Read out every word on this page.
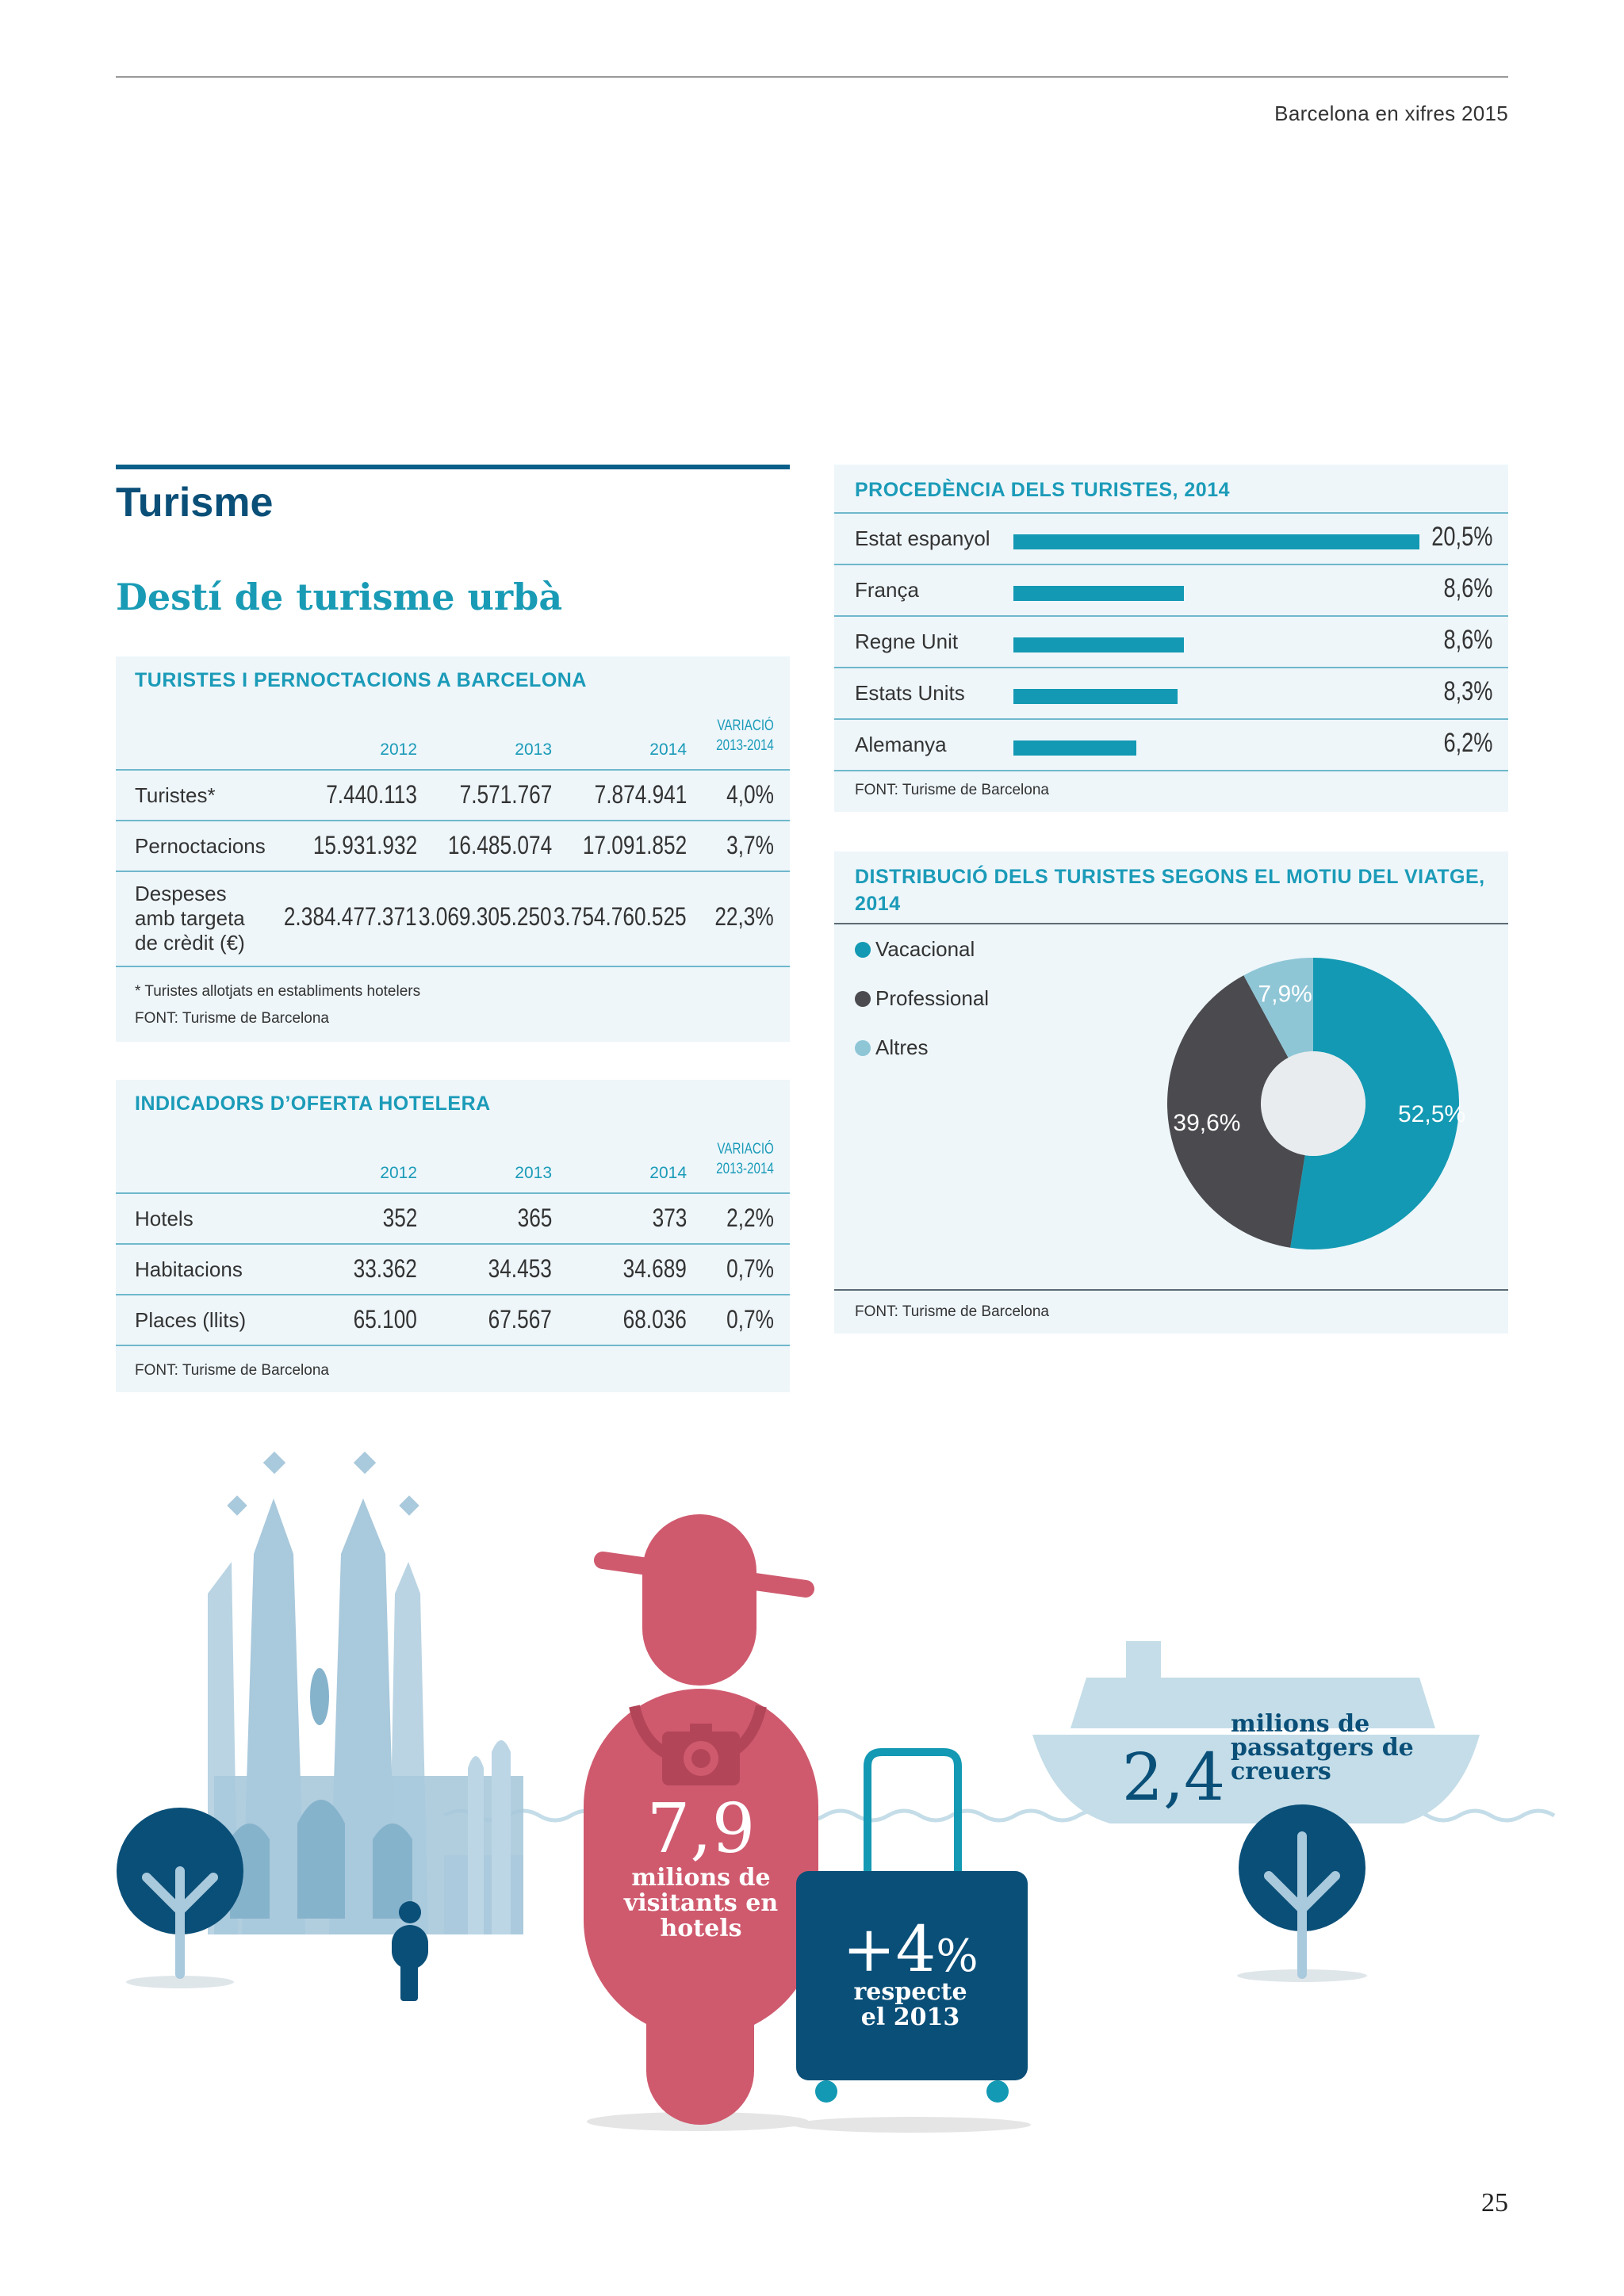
Barcelona en xifres 2015
Turisme
Destí de turisme urbà
TURISTES I PERNOCTACIONS A BARCELONA
2012	2013	2014
VARIACIÓ
2013-2014
Turistes*	7.440.113 7.571.767 7.874.941 4,0%
Pernoctacions 15.931.932 16.485.074 17.091.852 3,7%
Despeses
amb targeta
de crèdit (€)
2.384.477.371 3.069.305.250 3.754.760.525 22,3%
* Turistes allotjats en establiments hotelers
FONT: Turisme de Barcelona
INDICADORS D’OFERTA HOTELERA
2012	2013	2014
VARIACIÓ
2013-2014
Hotels	352	365	373 2,2%
Habitacions	33.362	34.453	34.689 0,7%
Places (llits)	65.100	67.567	68.036 0,7%
FONT: Turisme de Barcelona
PROCEDÈNCIA DELS TURISTES, 2014
Estat espanyol	20,5%
França	8,6%
Regne Unit	8,6%
Estats Units	8,3%
Alemanya	6,2%
FONT: Turisme de Barcelona
DISTRIBUCIÓ DELS TURISTES SEGONS EL MOTIU DEL VIATGE,
2014
Vacacional
Professional
Altres
52,5%
39,6%
7,9%
FONT: Turisme de Barcelona
7,9
milions de
visitants en
hotels +4%
respecte
el 2013
2,4
milions de
passatgers de
creuers
25
